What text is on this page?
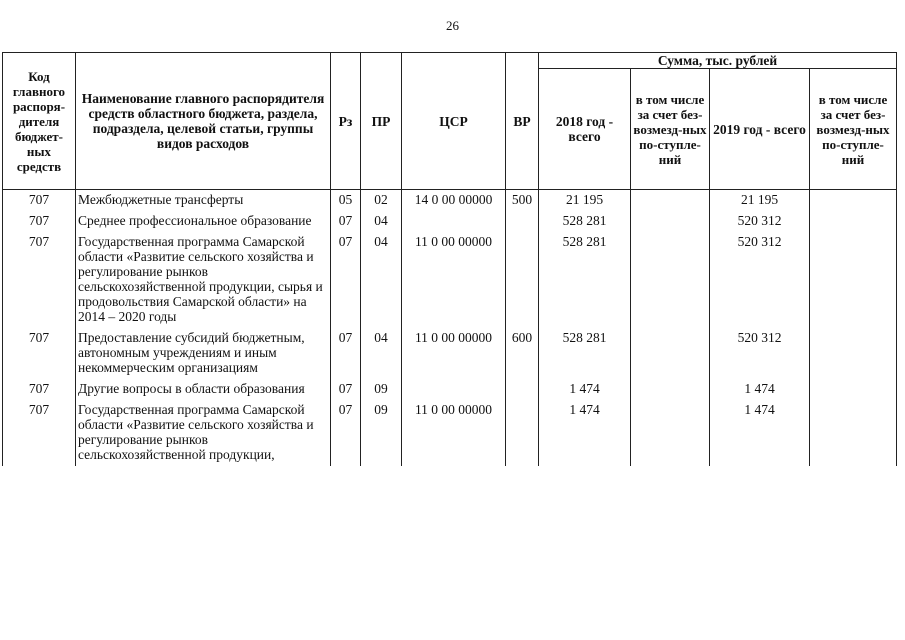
26
Код главного распоря-дителя бюджет-ных средств	Наименование главного распорядителя средств областного бюджета, раздела, подраздела, целевой статьи, группы видов расходов	Рз	ПР	ЦСР	ВР	Сумма, тыс. рублей			
						2018 год - всего	в том числе за счет без-возмезд-ных по-ступле-ний	2019 год - всего	в том числе за счет без-возмезд-ных по-ступле-ний
707	Межбюджетные трансферты	05	02	14 0 00 00000	500	21 195		21 195	
707	Среднее профессиональное образование	07	04			528 281		520 312	
707	Государственная программа Самарской области «Развитие сельского хозяйства и регулирование рынков сельскохозяйственной продукции, сырья и продовольствия Самарской области» на 2014 – 2020 годы	07	04	11 0 00 00000		528 281		520 312	
707	Предоставление субсидий бюджетным, автономным учреждениям и иным некоммерческим организациям	07	04	11 0 00 00000	600	528 281		520 312	
707	Другие вопросы в области образования	07	09			1 474		1 474	
707	Государственная программа Самарской области «Развитие сельского хозяйства и регулирование рынков сельскохозяйственной продукции,	07	09	11 0 00 00000		1 474		1 474	
